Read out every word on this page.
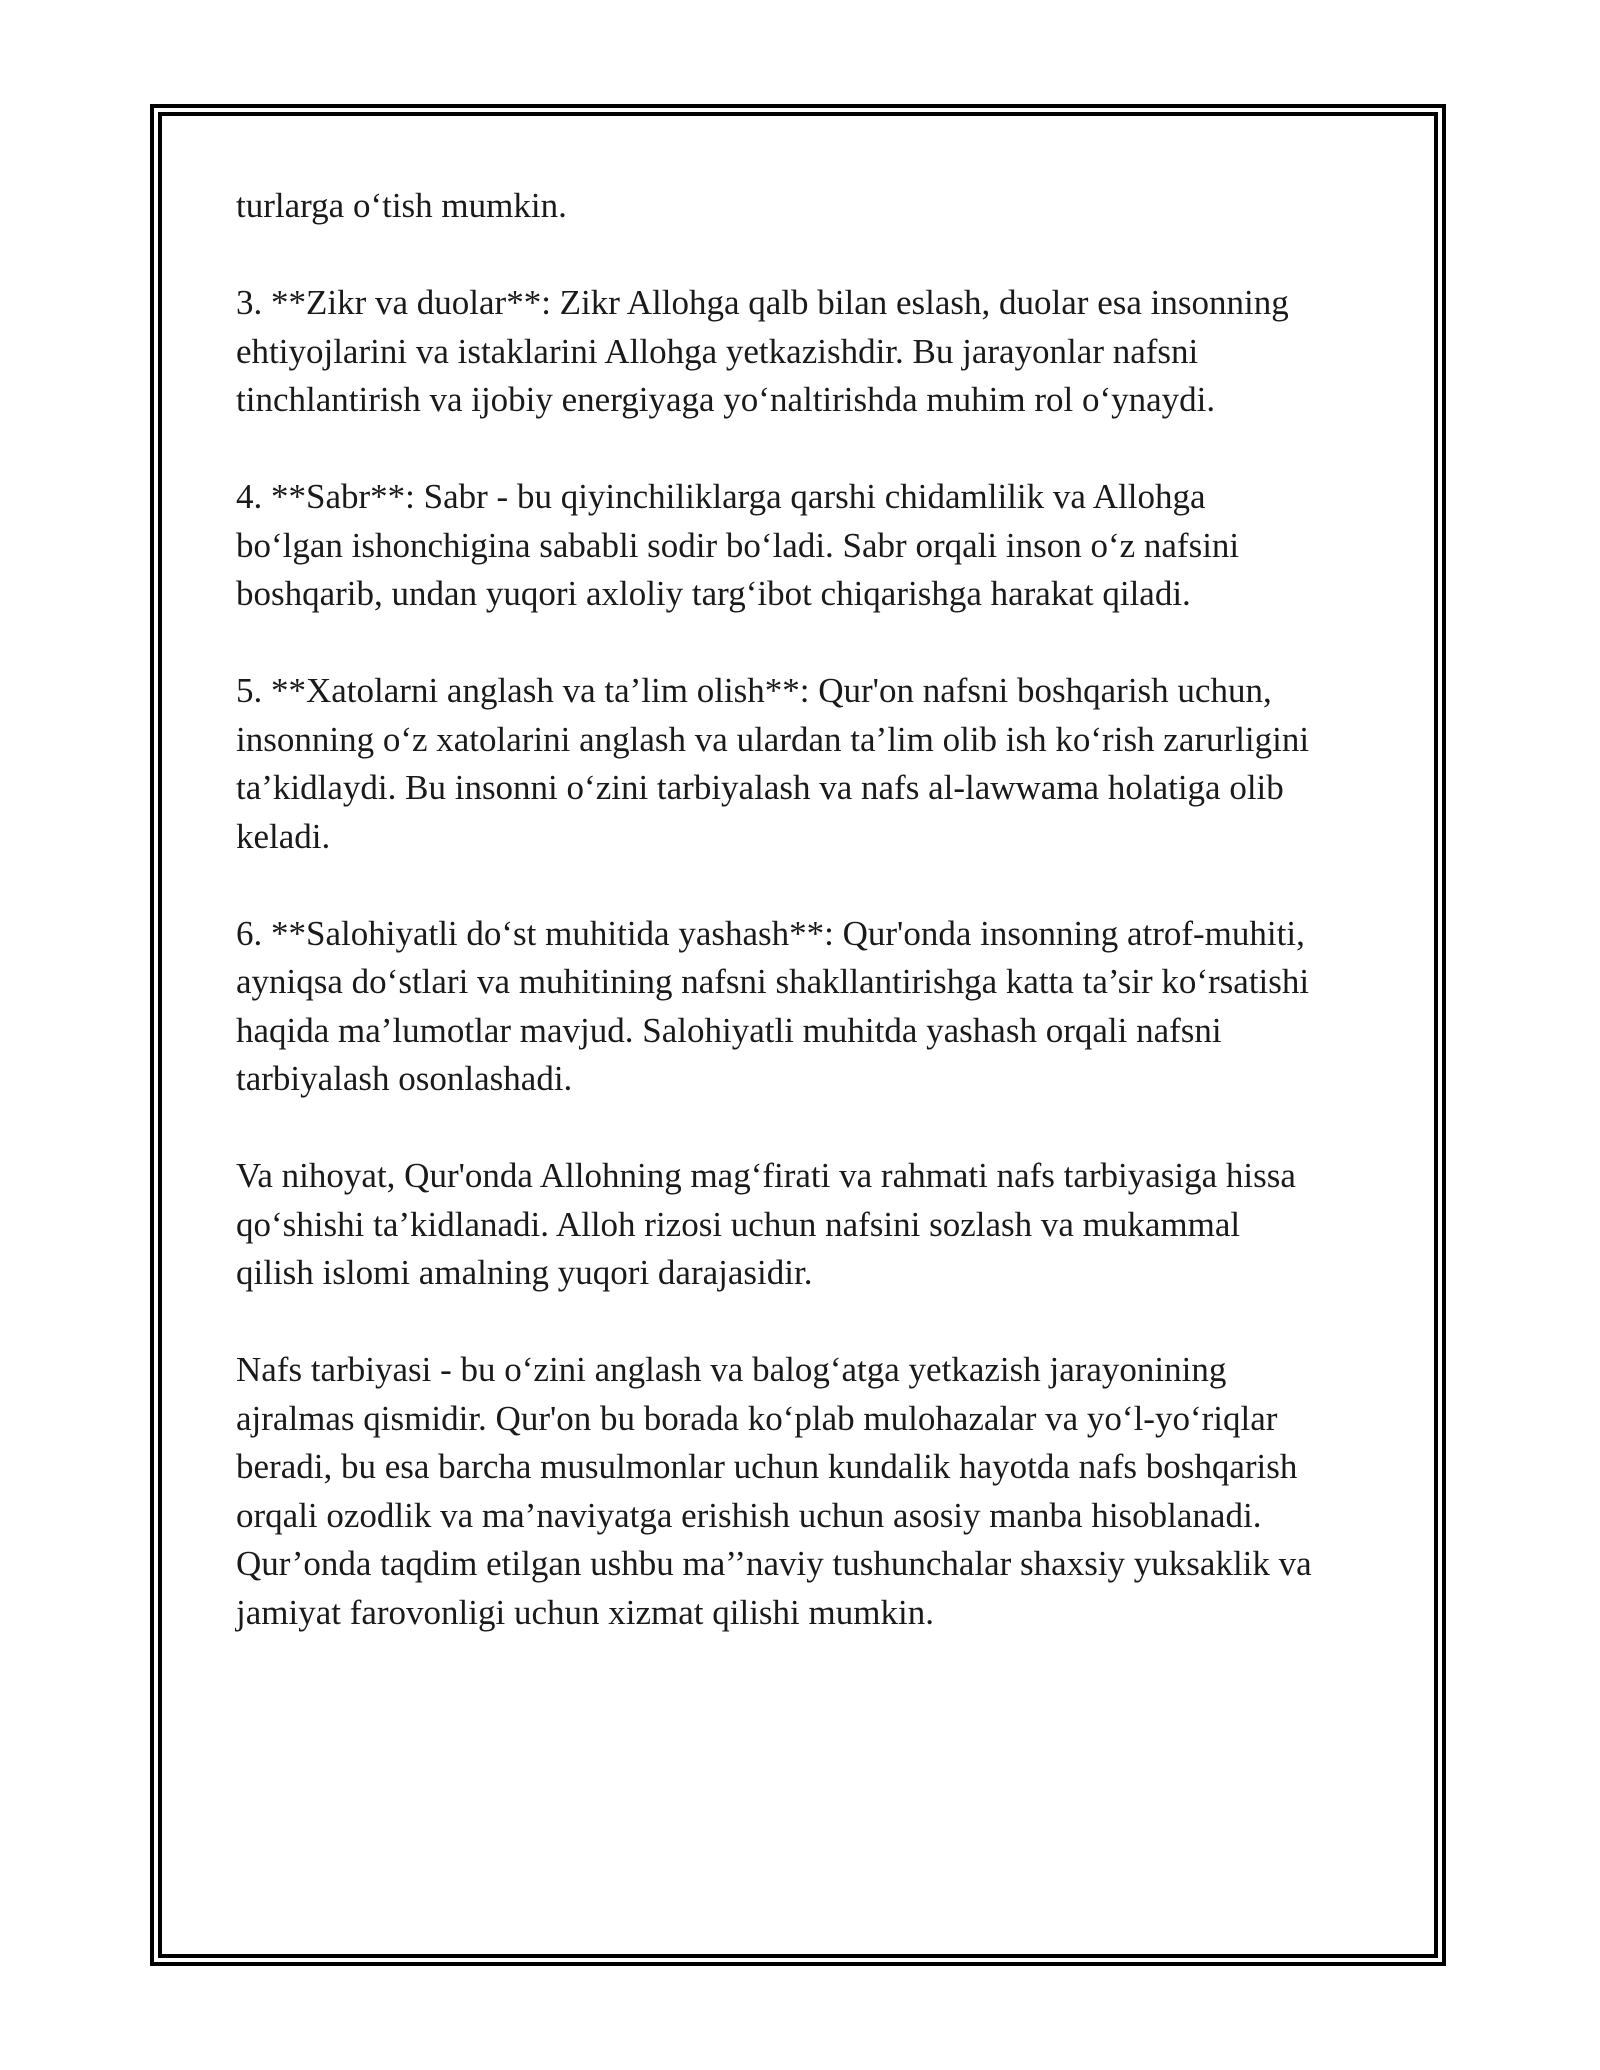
turlarga o‘tish mumkin.

3. **Zikr va duolar**: Zikr Allohga qalb bilan eslash, duolar esa insonning
ehtiyojlarini va istaklarini Allohga yetkazishdir. Bu jarayonlar nafsni
tinchlantirish va ijobiy energiyaga yo‘naltirishda muhim rol o‘ynaydi.

4. **Sabr**: Sabr - bu qiyinchiliklarga qarshi chidamlilik va Allohga
bo‘lgan ishonchigina sababli sodir bo‘ladi. Sabr orqali inson o‘z nafsini
boshqarib, undan yuqori axloliy targ‘ibot chiqarishga harakat qiladi.

5. **Xatolarni anglash va ta’lim olish**: Qur'on nafsni boshqarish uchun,
insonning o‘z xatolarini anglash va ulardan ta’lim olib ish ko‘rish zarurligini
ta’kidlaydi. Bu insonni o‘zini tarbiyalash va nafs al-lawwama holatiga olib
keladi.

6. **Salohiyatli do‘st muhitida yashash**: Qur'onda insonning atrof-muhiti,
ayniqsa do‘stlari va muhitining nafsni shakllantirishga katta ta’sir ko‘rsatishi
haqida ma’lumotlar mavjud. Salohiyatli muhitda yashash orqali nafsni
tarbiyalash osonlashadi.

Va nihoyat, Qur'onda Allohning mag‘firati va rahmati nafs tarbiyasiga hissa
qo‘shishi ta’kidlanadi. Alloh rizosi uchun nafsini sozlash va mukammal
qilish islomi amalning yuqori darajasidir.

Nafs tarbiyasi - bu o‘zini anglash va balog‘atga yetkazish jarayonining
ajralmas qismidir. Qur'on bu borada ko‘plab mulohazalar va yo‘l-yo‘riqlar
beradi, bu esa barcha musulmonlar uchun kundalik hayotda nafs boshqarish
orqali ozodlik va ma’naviyatga erishish uchun asosiy manba hisoblanadi.
Qur’onda taqdim etilgan ushbu ma’’naviy tushunchalar shaxsiy yuksaklik va
jamiyat farovonligi uchun xizmat qilishi mumkin.
